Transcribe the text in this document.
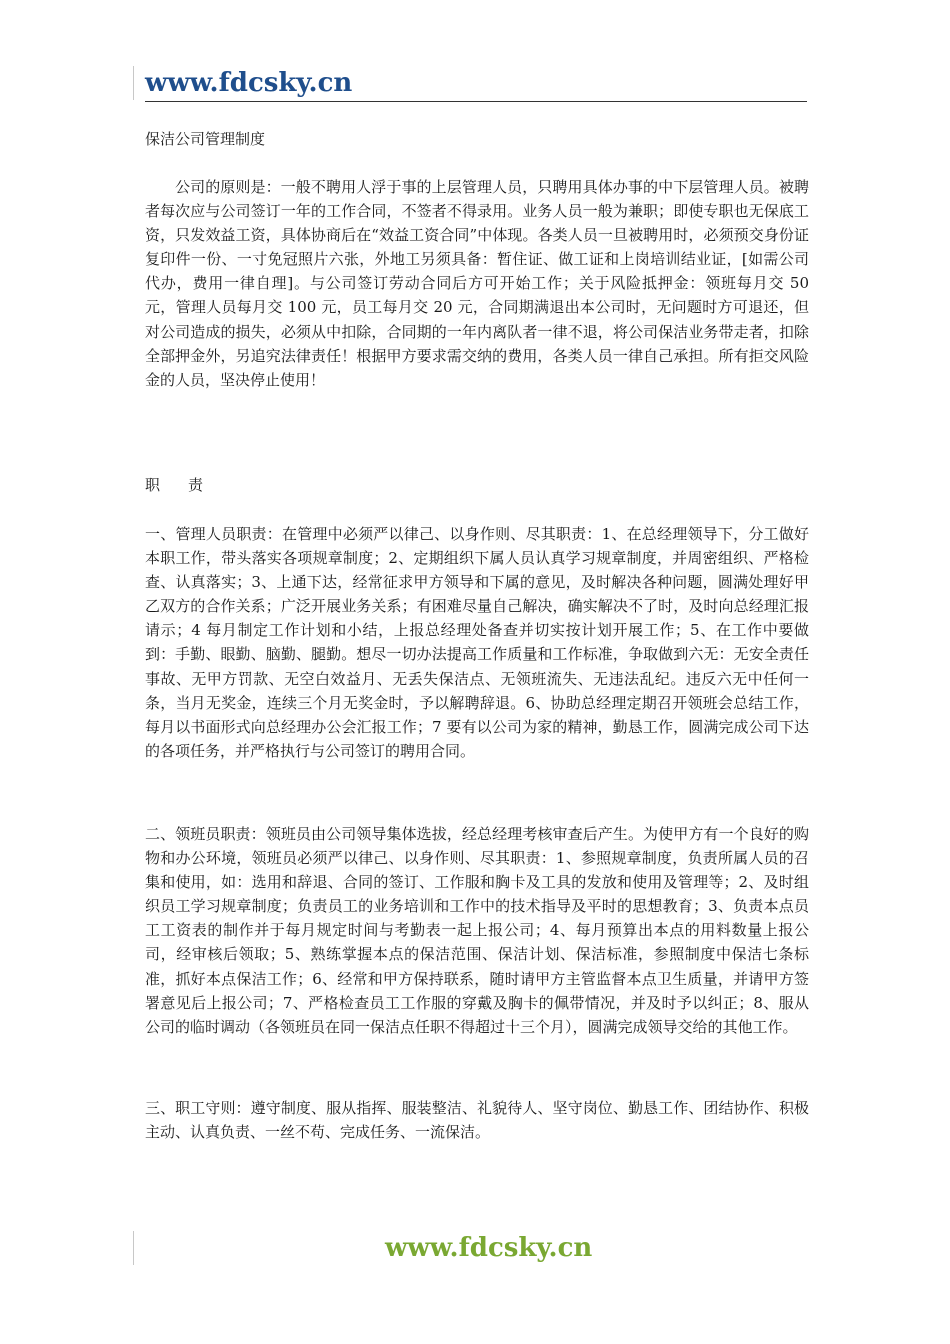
www.fdcsky.cn
保洁公司管理制度
公司的原则是：一般不聘用人浮于事的上层管理人员，只聘用具体办事的中下层管理人员。被聘者每次应与公司签订一年的工作合同，不签者不得录用。业务人员一般为兼职；即使专职也无保底工资，只发效益工资，具体协商后在“效益工资合同”中体现。各类人员一旦被聘用时，必须预交身份证复印件一份、一寸免冠照片六张，外地工另须具备：暂住证、做工证和上岗培训结业证，[如需公司代办，费用一律自理]。与公司签订劳动合同后方可开始工作；关于风险抵押金：领班每月交 50 元，管理人员每月交 100 元，员工每月交 20 元，合同期满退出本公司时，无问题时方可退还，但对公司造成的损失，必须从中扣除，合同期的一年内离队者一律不退，将公司保洁业务带走者，扣除全部押金外，另追究法律责任！根据甲方要求需交纳的费用，各类人员一律自己承担。所有拒交风险金的人员，坚决停止使用！
职责
一、管理人员职责：在管理中必须严以律己、以身作则、尽其职责：1、在总经理领导下，分工做好本职工作，带头落实各项规章制度；2、定期组织下属人员认真学习规章制度，并周密组织、严格检查、认真落实；3、上通下达，经常征求甲方领导和下属的意见，及时解决各种问题，圆满处理好甲乙双方的合作关系；广泛开展业务关系；有困难尽量自己解决，确实解决不了时，及时向总经理汇报请示；4 每月制定工作计划和小结，上报总经理处备查并切实按计划开展工作；5、在工作中要做到：手勤、眼勤、脑勤、腿勤。想尽一切办法提高工作质量和工作标准，争取做到六无：无安全责任事故、无甲方罚款、无空白效益月、无丢失保洁点、无领班流失、无违法乱纪。违反六无中任何一条，当月无奖金，连续三个月无奖金时，予以解聘辞退。6、协助总经理定期召开领班会总结工作，每月以书面形式向总经理办公会汇报工作；7 要有以公司为家的精神，勤恳工作，圆满完成公司下达的各项任务，并严格执行与公司签订的聘用合同。
二、领班员职责：领班员由公司领导集体选拔，经总经理考核审查后产生。为使甲方有一个良好的购物和办公环境，领班员必须严以律己、以身作则、尽其职责：1、参照规章制度，负责所属人员的召集和使用，如：选用和辞退、合同的签订、工作服和胸卡及工具的发放和使用及管理等；2、及时组织员工学习规章制度；负责员工的业务培训和工作中的技术指导及平时的思想教育；3、负责本点员工工资表的制作并于每月规定时间与考勤表一起上报公司；4、每月预算出本点的用料数量上报公司，经审核后领取；5、熟练掌握本点的保洁范围、保洁计划、保洁标准，参照制度中保洁七条标准，抓好本点保洁工作；6、经常和甲方保持联系，随时请甲方主管监督本点卫生质量，并请甲方签署意见后上报公司；7、严格检查员工工作服的穿戴及胸卡的佩带情况，并及时予以纠正；8、服从公司的临时调动（各领班员在同一保洁点任职不得超过十三个月），圆满完成领导交给的其他工作。
三、职工守则：遵守制度、服从指挥、服装整洁、礼貌待人、坚守岗位、勤恳工作、团结协作、积极主动、认真负责、一丝不苟、完成任务、一流保洁。
www.fdcsky.cn
